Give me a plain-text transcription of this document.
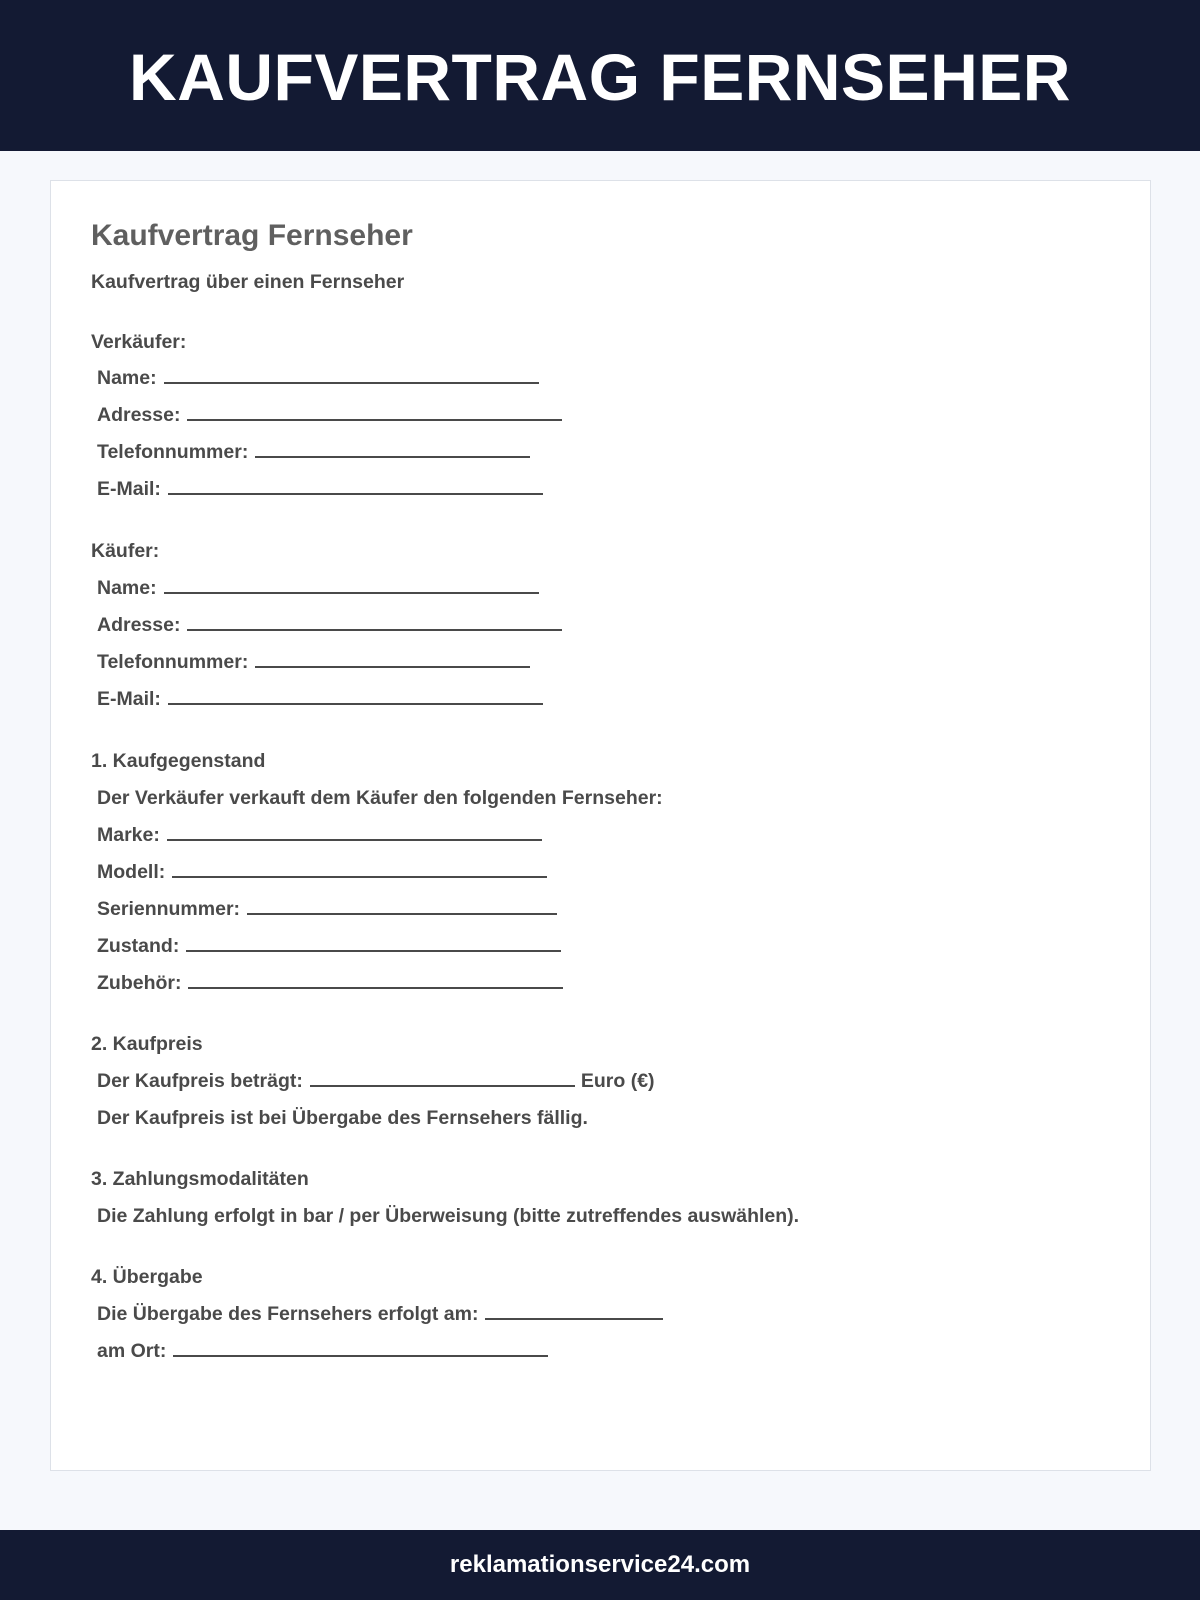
KAUFVERTRAG FERNSEHER
Kaufvertrag Fernseher
Kaufvertrag über einen Fernseher
Verkäufer:
Name:
Adresse:
Telefonnummer:
E-Mail:
Käufer:
Name:
Adresse:
Telefonnummer:
E-Mail:
1. Kaufgegenstand
Der Verkäufer verkauft dem Käufer den folgenden Fernseher:
Marke:
Modell:
Seriennummer:
Zustand:
Zubehör:
2. Kaufpreis
Der Kaufpreis beträgt:	Euro (€)
Der Kaufpreis ist bei Übergabe des Fernsehers fällig.
3. Zahlungsmodalitäten
Die Zahlung erfolgt in bar / per Überweisung (bitte zutreffendes auswählen).
4. Übergabe
Die Übergabe des Fernsehers erfolgt am:
am Ort:
reklamationservice24.com
